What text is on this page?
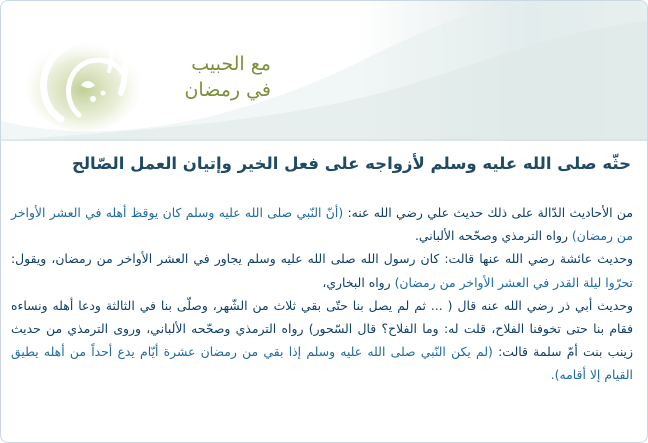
مع الحبيب
في رمضان
حثّه صلى الله عليه وسلم لأزواجه على فعل الخير وإتيان العمل الصّالح

من الأحاديث الدّالة على ذلك حديث علي رضي الله عنه: (أنّ النّبي صلى الله عليه وسلم كان يوقظ أهله في العشر الأواخر من رمضان) رواه الترمذي وصحّحه الألباني.

وحديث عائشة رضي الله عنها قالت: كان رسول الله صلى الله عليه وسلم يجاور في العشر الأواخر من رمضان، ويقول: تحرّوا ليلة القدر في العشر الأواخر من رمضان) رواه البخاري،

وحديث أبي ذر رضي الله عنه قال ( ... ثم لم يصل بنا حتّى بقي ثلاث من الشّهر، وصلّى بنا في الثالثة ودعا أهله ونساءه فقام بنا حتى تخوفنا الفلاح، قلت له: وما الفلاح؟ قال السّحور) رواه الترمذي وصحّحه الألباني، وروى الترمذي من حديث زينب بنت أمّ سلمة قالت: (لم يكن النّبي صلى الله عليه وسلم إذا بقي من رمضان عشرة أيّام يدع أحداً من أهله يطيق القيام إلا أقامه).
